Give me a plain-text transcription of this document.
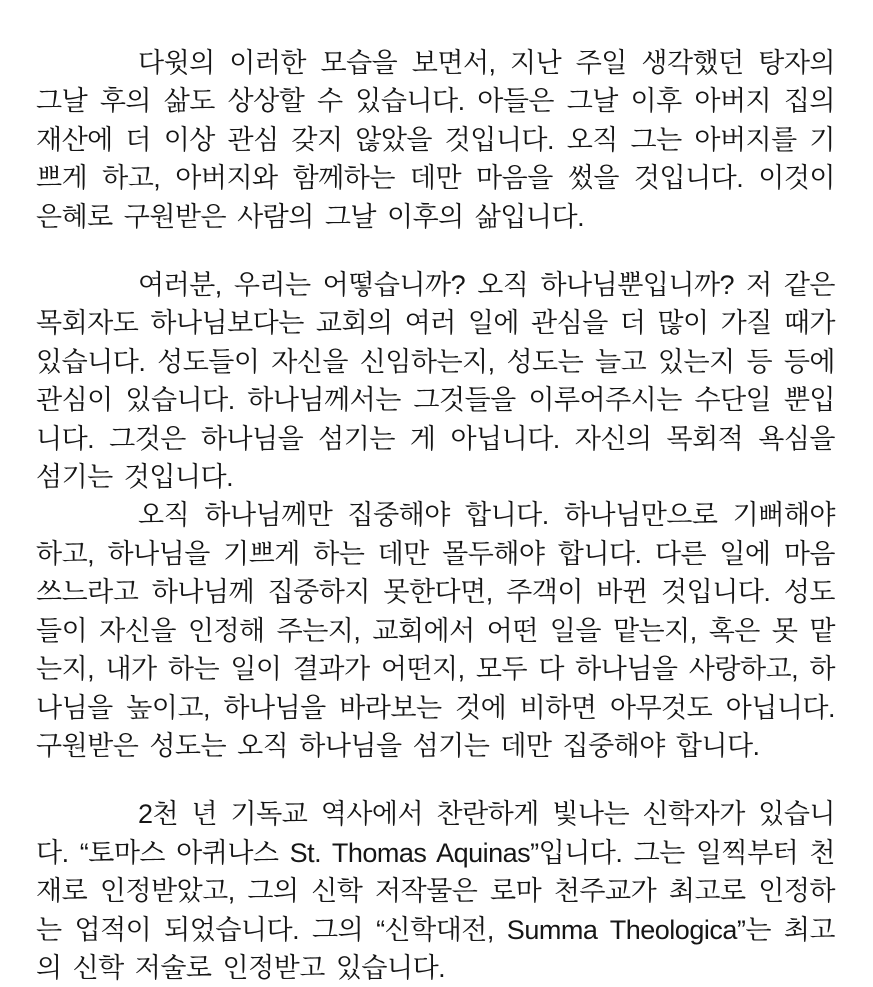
다윗의 이러한 모습을 보면서, 지난 주일 생각했던 탕자의 그날 후의 삶도 상상할 수 있습니다. 아들은 그날 이후 아버지 집의 재산에 더 이상 관심 갖지 않았을 것입니다. 오직 그는 아버지를 기쁘게 하고, 아버지와 함께하는 데만 마음을 썼을 것입니다. 이것이 은혜로 구원받은 사람의 그날 이후의 삶입니다.

여러분, 우리는 어떻습니까? 오직 하나님뿐입니까? 저 같은 목회자도 하나님보다는 교회의 여러 일에 관심을 더 많이 가질 때가 있습니다. 성도들이 자신을 신임하는지, 성도는 늘고 있는지 등 등에 관심이 있습니다. 하나님께서는 그것들을 이루어주시는 수단일 뿐입니다. 그것은 하나님을 섬기는 게 아닙니다. 자신의 목회적 욕심을 섬기는 것입니다.

오직 하나님께만 집중해야 합니다. 하나님만으로 기뻐해야 하고, 하나님을 기쁘게 하는 데만 몰두해야 합니다. 다른 일에 마음 쓰느라고 하나님께 집중하지 못한다면, 주객이 바뀐 것입니다. 성도들이 자신을 인정해 주는지, 교회에서 어떤 일을 맡는지, 혹은 못 맡는지, 내가 하는 일이 결과가 어떤지, 모두 다 하나님을 사랑하고, 하나님을 높이고, 하나님을 바라보는 것에 비하면 아무것도 아닙니다. 구원받은 성도는 오직 하나님을 섬기는 데만 집중해야 합니다.

2천 년 기독교 역사에서 찬란하게 빛나는 신학자가 있습니다. “토마스 아퀴나스 St. Thomas Aquinas”입니다. 그는 일찍부터 천재로 인정받았고, 그의 신학 저작물은 로마 천주교가 최고로 인정하는 업적이 되었습니다. 그의 “신학대전, Summa Theologica”는 최고의 신학 저술로 인정받고 있습니다.
